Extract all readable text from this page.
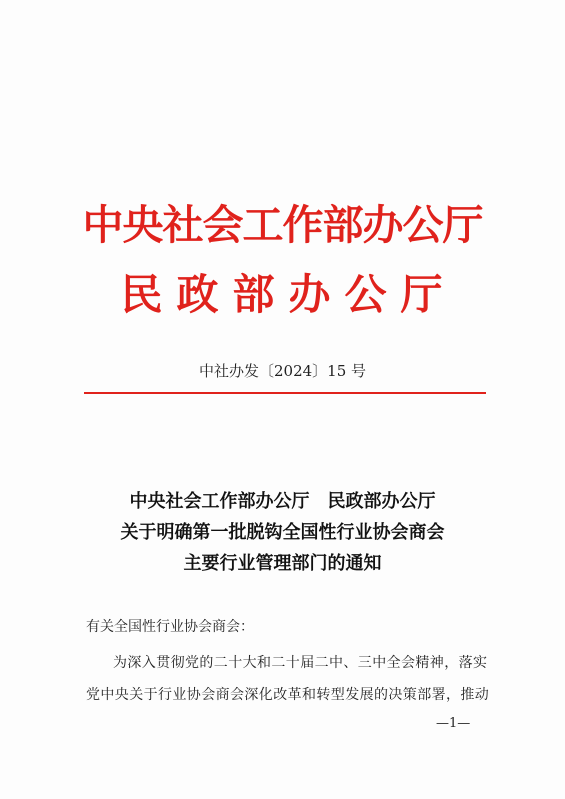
中央社会工作部办公厅
民政部办公厅
中社办发〔2024〕15 号
中央社会工作部办公厅　民政部办公厅
关于明确第一批脱钩全国性行业协会商会
主要行业管理部门的通知
有关全国性行业协会商会：
为深入贯彻党的二十大和二十届二中、三中全会精神，落实
党中央关于行业协会商会深化改革和转型发展的决策部署，推动
—1—
